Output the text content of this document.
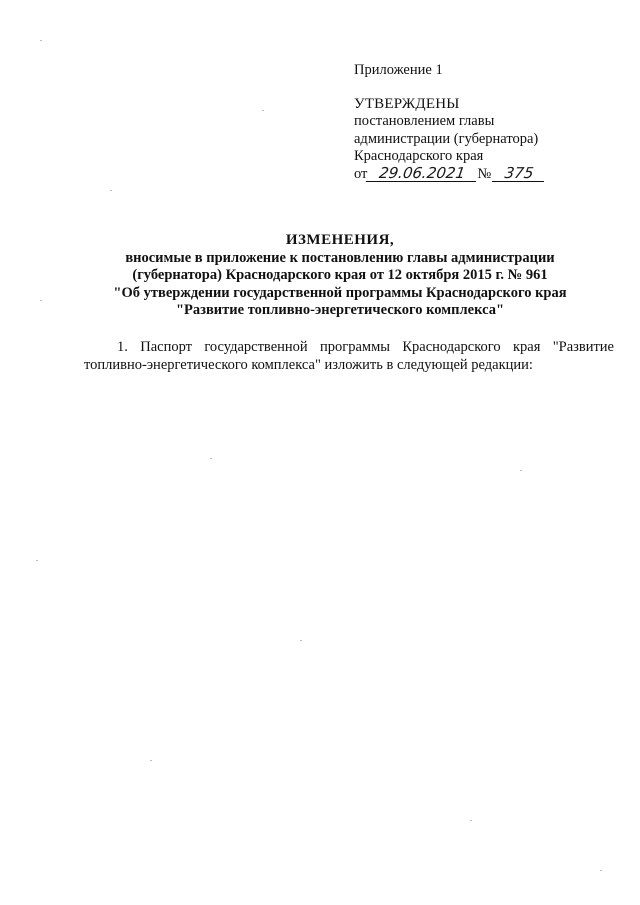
Приложение 1
УТВЕРЖДЕНЫ
постановлением главы
администрации (губернатора)
Краснодарского края
от 29.06.2021 № 375
ИЗМЕНЕНИЯ,
вносимые в приложение к постановлению главы администрации
(губернатора) Краснодарского края от 12 октября 2015 г. № 961
"Об утверждении государственной программы Краснодарского края
"Развитие топливно-энергетического комплекса"
1. Паспорт государственной программы Краснодарского края "Развитие
топливно-энергетического комплекса" изложить в следующей редакции:
